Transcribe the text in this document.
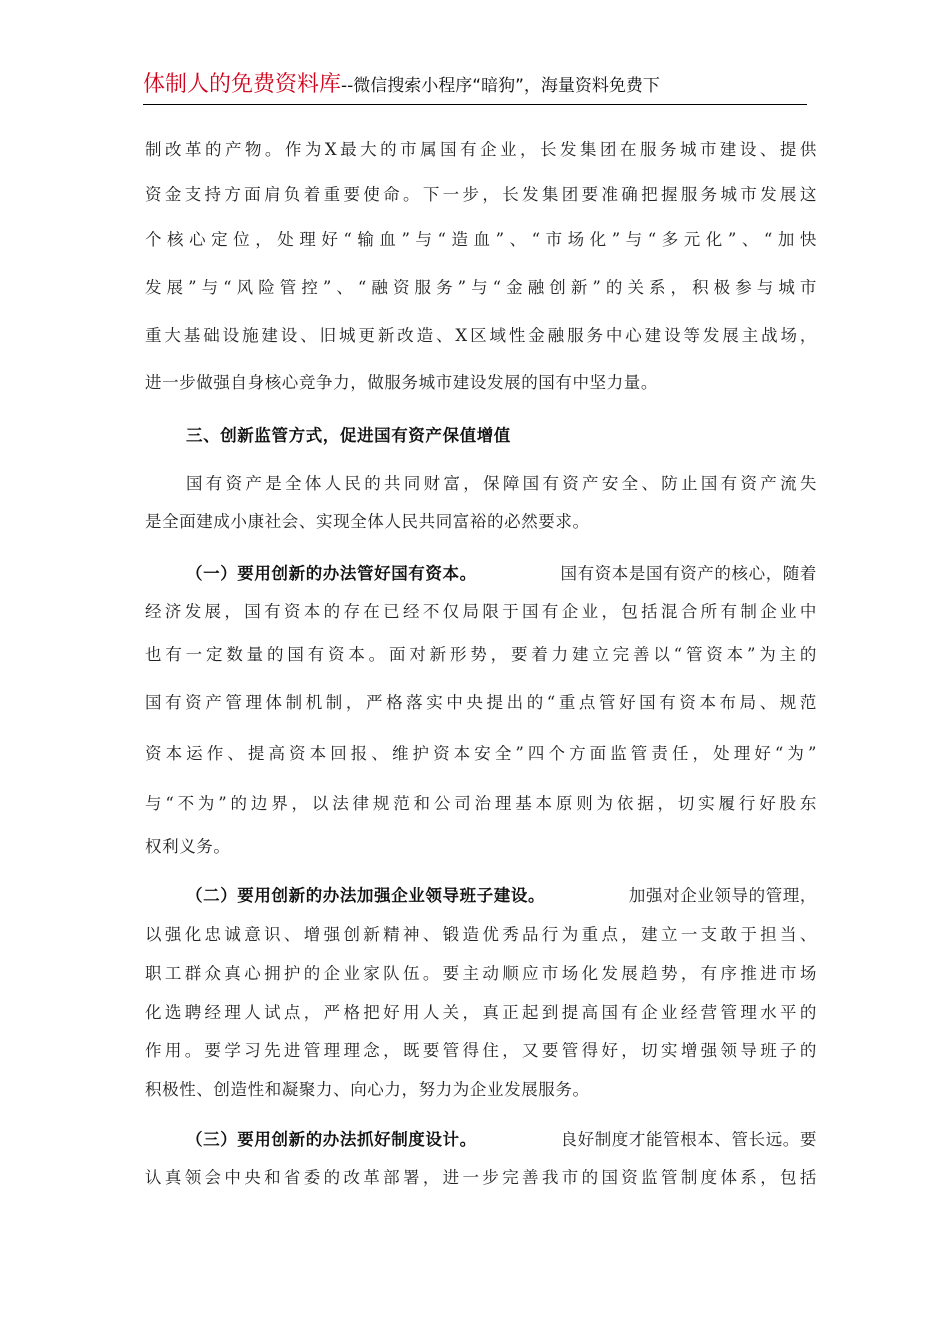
体制人的免费资料库--微信搜索小程序“暗狗”，海量资料免费下
制改革的产物。作为X最大的市属国有企业，长发集团在服务城市建设、提供
资金支持方面肩负着重要使命。下一步，长发集团要准确把握服务城市发展这
个核心定位，处理好“输血”与“造血”、“市场化”与“多元化”、“加快
发展”与“风险管控”、“融资服务”与“金融创新”的关系，积极参与城市
重大基础设施建设、旧城更新改造、X区域性金融服务中心建设等发展主战场，
进一步做强自身核心竞争力，做服务城市建设发展的国有中坚力量。
三、创新监管方式，促进国有资产保值增值
国有资产是全体人民的共同财富，保障国有资产安全、防止国有资产流失
是全面建成小康社会、实现全体人民共同富裕的必然要求。
（一）要用创新的办法管好国有资本。	国有资本是国有资产的核心，随着
经济发展，国有资本的存在已经不仅局限于国有企业，包括混合所有制企业中
也有一定数量的国有资本。面对新形势，要着力建立完善以“管资本”为主的
国有资产管理体制机制，严格落实中央提出的“重点管好国有资本布局、规范
资本运作、提高资本回报、维护资本安全”四个方面监管责任，处理好“为”
与“不为”的边界，以法律规范和公司治理基本原则为依据，切实履行好股东
权利义务。
（二）要用创新的办法加强企业领导班子建设。	加强对企业领导的管理，
以强化忠诚意识、增强创新精神、锻造优秀品行为重点，建立一支敢于担当、
职工群众真心拥护的企业家队伍。要主动顺应市场化发展趋势，有序推进市场
化选聘经理人试点，严格把好用人关，真正起到提高国有企业经营管理水平的
作用。要学习先进管理理念，既要管得住，又要管得好，切实增强领导班子的
积极性、创造性和凝聚力、向心力，努力为企业发展服务。
（三）要用创新的办法抓好制度设计。	良好制度才能管根本、管长远。要
认真领会中央和省委的改革部署，进一步完善我市的国资监管制度体系，包括
